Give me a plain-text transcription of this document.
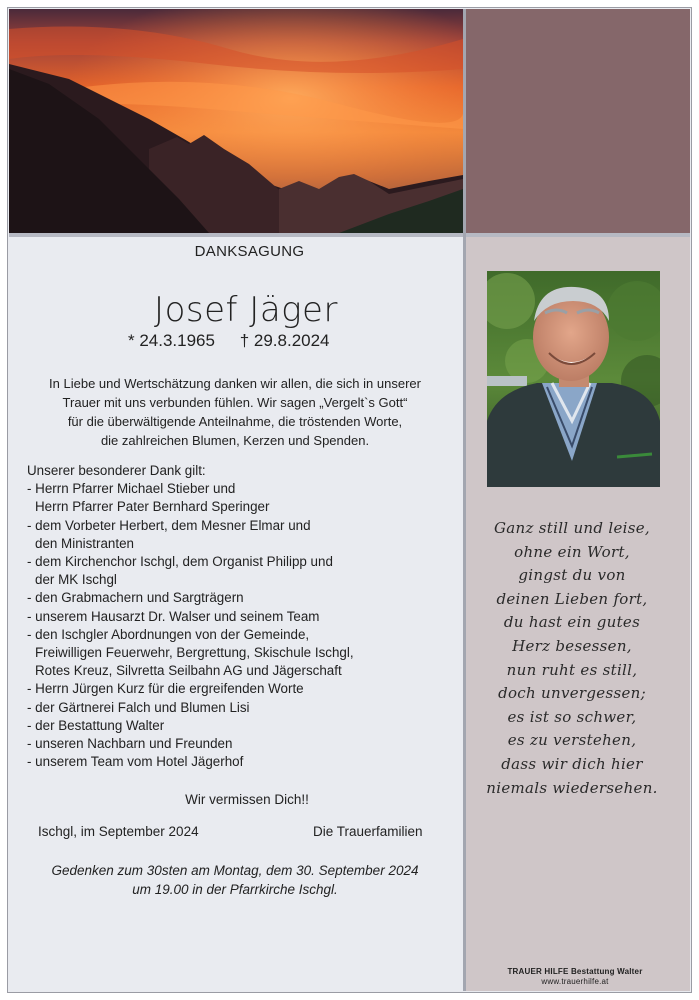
DANKSAGUNG
Josef Jäger
* 24.3.1965 † 29.8.2024
In Liebe und Wertschätzung danken wir allen, die sich in unserer
Trauer mit uns verbunden fühlen. Wir sagen „Vergelt`s Gott“
für die überwältigende Anteilnahme, die tröstenden Worte,
die zahlreichen Blumen, Kerzen und Spenden.
Unserer besonderer Dank gilt:
- Herrn Pfarrer Michael Stieber und
Herrn Pfarrer Pater Bernhard Speringer
- dem Vorbeter Herbert, dem Mesner Elmar und
den Ministranten
- dem Kirchenchor Ischgl, dem Organist Philipp und
der MK Ischgl
- den Grabmachern und Sargträgern
- unserem Hausarzt Dr. Walser und seinem Team
- den Ischgler Abordnungen von der Gemeinde,
Freiwilligen Feuerwehr, Bergrettung, Skischule Ischgl,
Rotes Kreuz, Silvretta Seilbahn AG und Jägerschaft
- Herrn Jürgen Kurz für die ergreifenden Worte
- der Gärtnerei Falch und Blumen Lisi
- der Bestattung Walter
- unseren Nachbarn und Freunden
- unserem Team vom Hotel Jägerhof
Wir vermissen Dich!!
Ischgl, im September 2024	Die Trauerfamilien
Gedenken zum 30sten am Montag, dem 30. September 2024
um 19.00 in der Pfarrkirche Ischgl.
Ganz still und leise,
ohne ein Wort,
gingst du von
deinen Lieben fort,
du hast ein gutes
Herz besessen,
nun ruht es still,
doch unvergessen;
es ist so schwer,
es zu verstehen,
dass wir dich hier
niemals wiedersehen.
TRAUER HILFE Bestattung Walter
www.trauerhilfe.at
